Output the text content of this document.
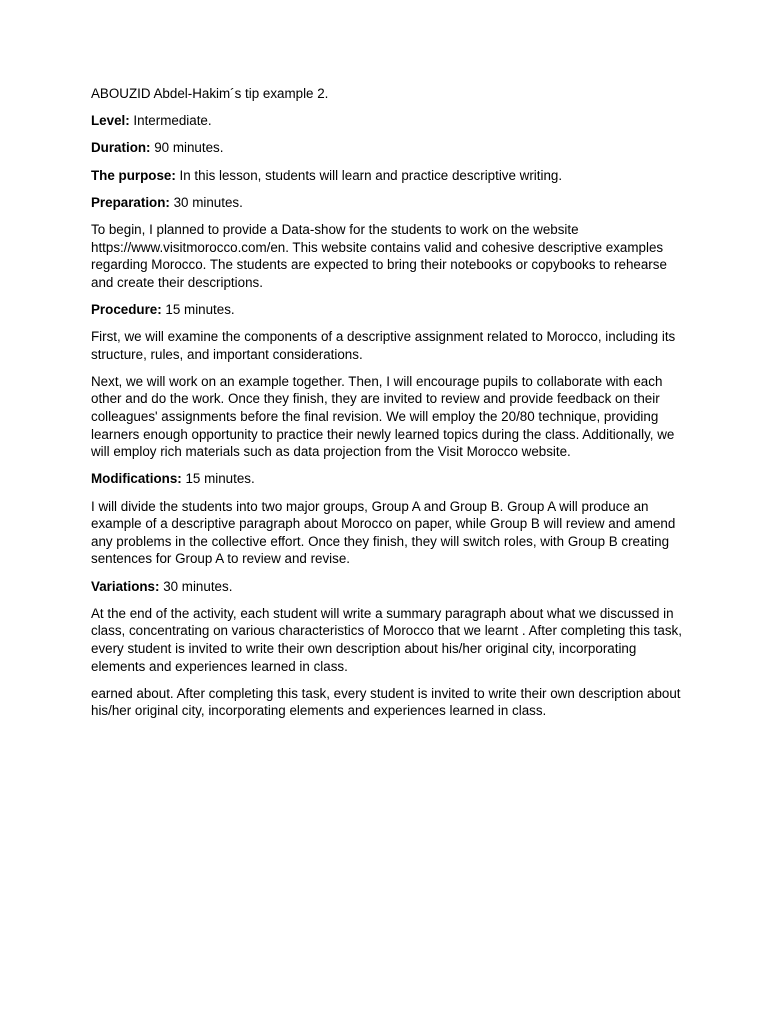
ABOUZID Abdel-Hakim´s tip example 2.

Level: Intermediate.

Duration: 90 minutes.

The purpose: In this lesson, students will learn and practice descriptive writing.

Preparation: 30 minutes.

To begin, I planned to provide a Data-show for the students to work on the website https://www.visitmorocco.com/en. This website contains valid and cohesive descriptive examples regarding Morocco. The students are expected to bring their notebooks or copybooks to rehearse and create their descriptions.

Procedure: 15 minutes.

First, we will examine the components of a descriptive assignment related to Morocco, including its structure, rules, and important considerations.

Next, we will work on an example together. Then, I will encourage pupils to collaborate with each other and do the work. Once they finish, they are invited to review and provide feedback on their colleagues' assignments before the final revision. We will employ the 20/80 technique, providing learners enough opportunity to practice their newly learned topics during the class. Additionally, we will employ rich materials such as data projection from the Visit Morocco website.

Modifications: 15 minutes.

I will divide the students into two major groups, Group A and Group B. Group A will produce an example of a descriptive paragraph about Morocco on paper, while Group B will review and amend any problems in the collective effort. Once they finish, they will switch roles, with Group B creating sentences for Group A to review and revise.

Variations: 30 minutes.

At the end of the activity, each student will write a summary paragraph about what we discussed in class, concentrating on various characteristics of Morocco that we learnt . After completing this task, every student is invited to write their own description about his/her original city, incorporating elements and experiences learned in class.

earned about. After completing this task, every student is invited to write their own description about his/her original city, incorporating elements and experiences learned in class.
